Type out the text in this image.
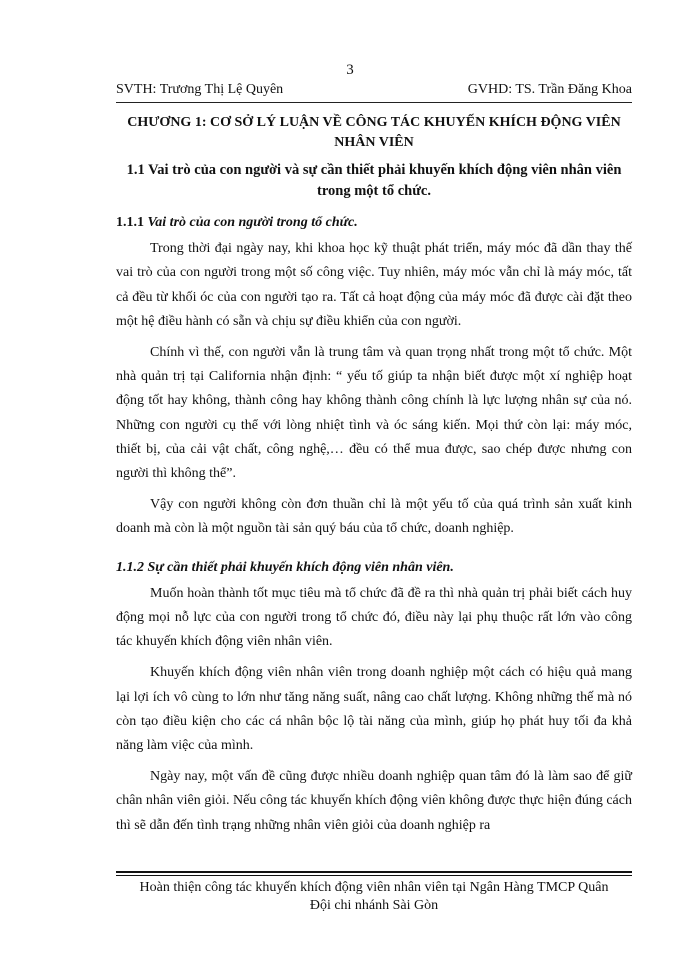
3
SVTH: Trương Thị Lệ Quyên	GVHD: TS. Trần Đăng Khoa
CHƯƠNG 1: CƠ SỞ LÝ LUẬN VỀ CÔNG TÁC KHUYẾN KHÍCH ĐỘNG VIÊN NHÂN VIÊN
1.1 Vai trò của con người và sự cần thiết phải khuyến khích động viên nhân viên trong một tổ chức.
1.1.1 Vai trò của con người trong tổ chức.

Trong thời đại ngày nay, khi khoa học kỹ thuật phát triển, máy móc đã dần thay thế vai trò của con người trong một số công việc. Tuy nhiên, máy móc vẫn chỉ là máy móc, tất cả đều từ khối óc của con người tạo ra. Tất cả hoạt động của máy móc đã được cài đặt theo một hệ điều hành có sẵn và chịu sự điều khiển của con người.

Chính vì thế, con người vẫn là trung tâm và quan trọng nhất trong một tổ chức. Một nhà quản trị tại California nhận định: “ yếu tố giúp ta nhận biết được một xí nghiệp hoạt động tốt hay không, thành công hay không thành công chính là lực lượng nhân sự của nó. Những con người cụ thể với lòng nhiệt tình và óc sáng kiến. Mọi thứ còn lại: máy móc, thiết bị, của cải vật chất, công nghệ,… đều có thể mua được, sao chép được nhưng con người thì không thể”.

Vậy con người không còn đơn thuần chỉ là một yếu tố của quá trình sản xuất kinh doanh mà còn là một nguồn tài sản quý báu của tổ chức, doanh nghiệp.

1.1.2 Sự cần thiết phải khuyến khích động viên nhân viên.

Muốn hoàn thành tốt mục tiêu mà tổ chức đã đề ra thì nhà quản trị phải biết cách huy động mọi nỗ lực của con người trong tổ chức đó, điều này lại phụ thuộc rất lớn vào công tác khuyến khích động viên nhân viên.

Khuyến khích động viên nhân viên trong doanh nghiệp một cách có hiệu quả mang lại lợi ích vô cùng to lớn như tăng năng suất, nâng cao chất lượng. Không những thế mà nó còn tạo điều kiện cho các cá nhân bộc lộ tài năng của mình, giúp họ phát huy tối đa khả năng làm việc của mình.

Ngày nay, một vấn đề cũng được nhiều doanh nghiệp quan tâm đó là làm sao để giữ chân nhân viên giỏi. Nếu công tác khuyến khích động viên không được thực hiện đúng cách thì sẽ dẫn đến tình trạng những nhân viên giỏi của doanh nghiệp ra

Hoàn thiện công tác khuyến khích động viên nhân viên tại Ngân Hàng TMCP Quân
Đội chi nhánh Sài Gòn
